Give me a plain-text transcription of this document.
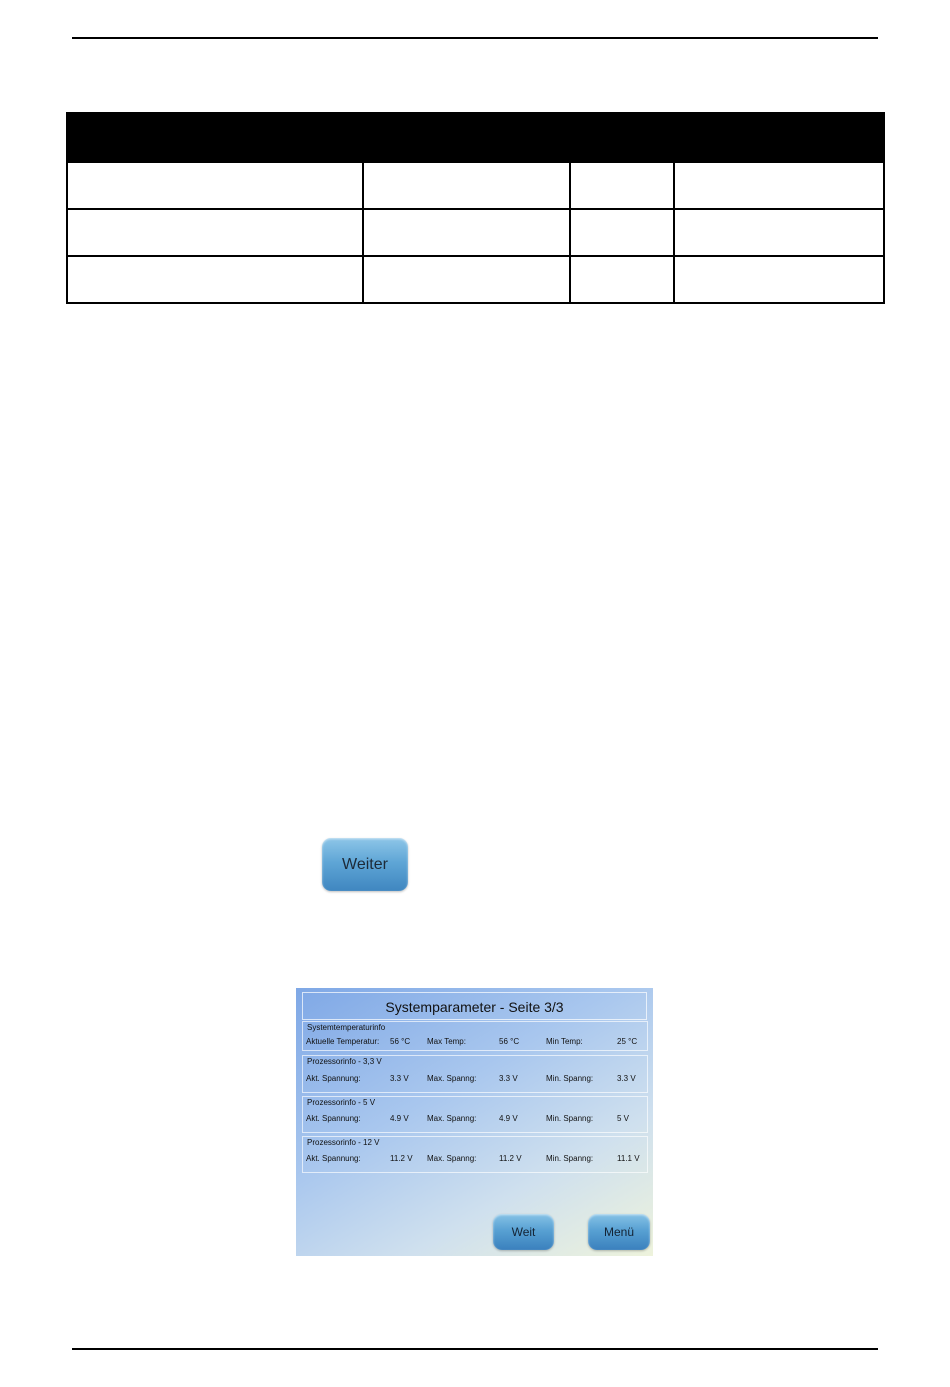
Weiter
Systemparameter - Seite 3/3
Systemtemperaturinfo
Aktuelle Temperatur: 56 °C Max Temp:	56 °C	Min Temp:	25 °C
Prozessorinfo - 3,3 V
Akt. Spannung:	3.3 V Max. Spanng:	3.3 V	Min. Spanng:	3.3 V
Prozessorinfo - 5 V
Akt. Spannung:	4.9 V Max. Spanng:	4.9 V	Min. Spanng:	5 V
Prozessorinfo - 12 V
Akt. Spannung:	11.2 V Max. Spanng:	11.2 V	Min. Spanng:	11.1 V
Weit	Menü
